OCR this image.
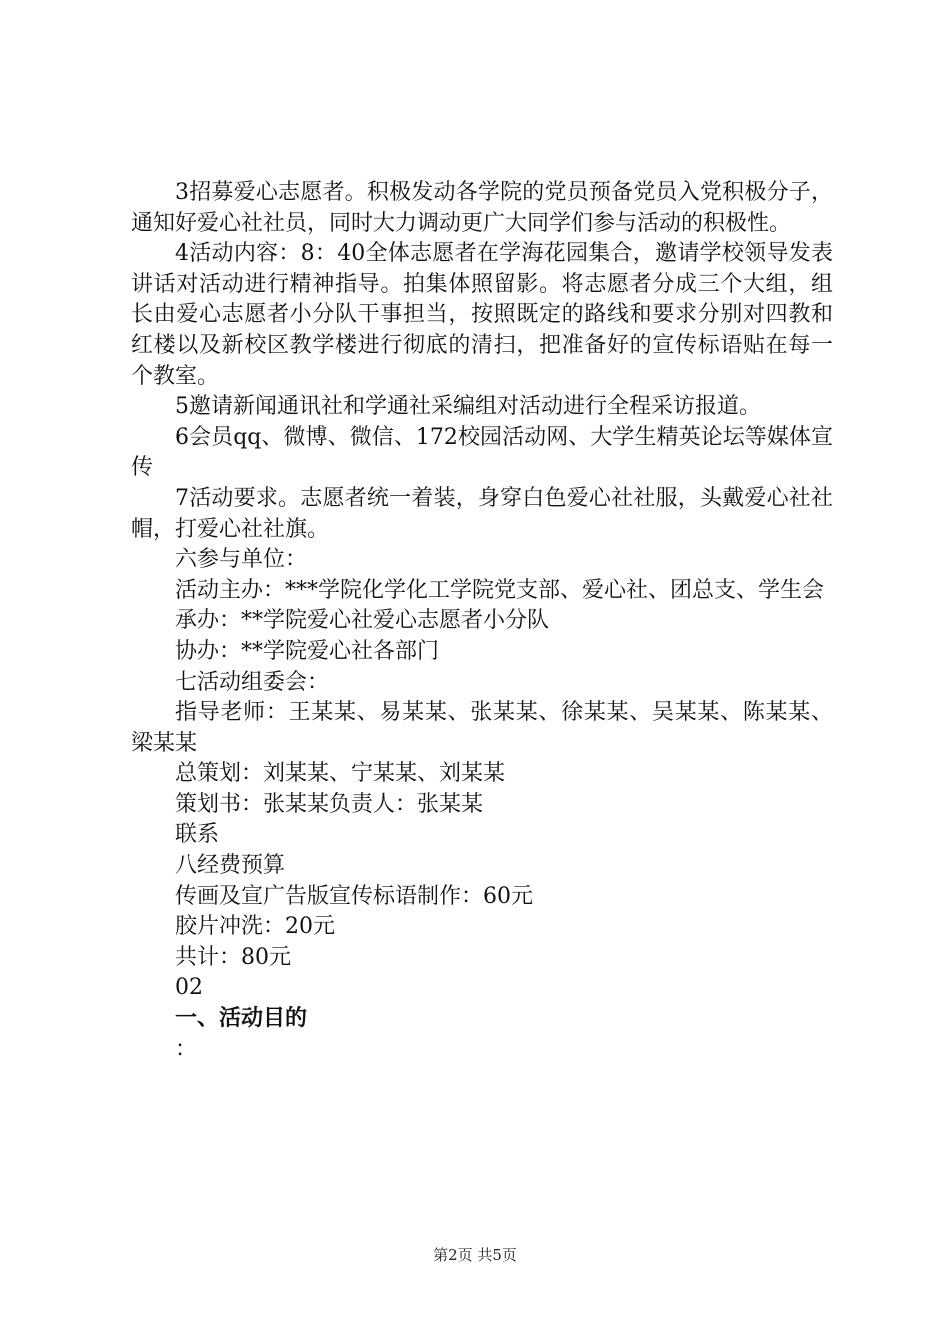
3招募爱心志愿者。积极发动各学院的党员预备党员入党积极分子，通知好爱心社社员，同时大力调动更广大同学们参与活动的积极性。

4活动内容：8：40全体志愿者在学海花园集合，邀请学校领导发表讲话对活动进行精神指导。拍集体照留影。将志愿者分成三个大组，组长由爱心志愿者小分队干事担当，按照既定的路线和要求分别对四教和红楼以及新校区教学楼进行彻底的清扫，把准备好的宣传标语贴在每一个教室。

5邀请新闻通讯社和学通社采编组对活动进行全程采访报道。

6会员qq、微博、微信、172校园活动网、大学生精英论坛等媒体宣传

7活动要求。志愿者统一着装，身穿白色爱心社社服，头戴爱心社社帽，打爱心社社旗。

六参与单位：

活动主办：***学院化学化工学院党支部、爱心社、团总支、学生会

承办：**学院爱心社爱心志愿者小分队

协办：**学院爱心社各部门

七活动组委会：

指导老师：王某某、易某某、张某某、徐某某、吴某某、陈某某、梁某某

总策划：刘某某、宁某某、刘某某

策划书：张某某负责人：张某某

联系

八经费预算

传画及宣广告版宣传标语制作：60元

胶片冲洗：20元

共计：80元

02

一、活动目的

：

第2页 共5页
